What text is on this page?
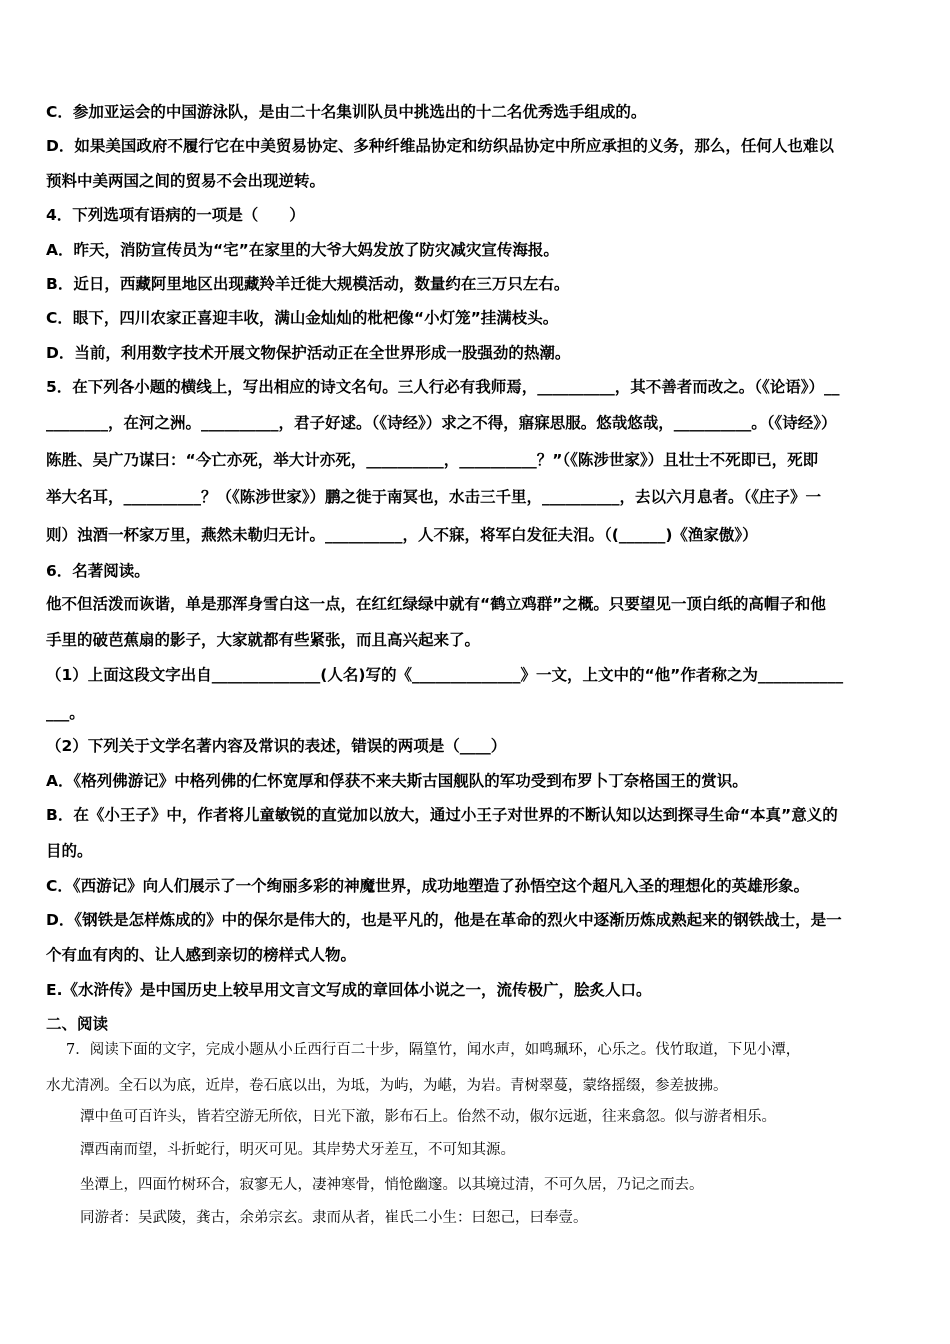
C．参加亚运会的中国游泳队，是由二十名集训队员中挑选出的十二名优秀选手组成的。
D．如果美国政府不履行它在中美贸易协定、多种纤维品协定和纺织品协定中所应承担的义务，那么，任何人也难以
预料中美两国之间的贸易不会出现逆转。
4．下列选项有语病的一项是（　　）
A．昨天，消防宣传员为“宅”在家里的大爷大妈发放了防灾减灾宣传海报。
B．近日，西藏阿里地区出现藏羚羊迁徙大规模活动，数量约在三万只左右。
C．眼下，四川农家正喜迎丰收，满山金灿灿的枇杷像“小灯笼”挂满枝头。
D．当前，利用数字技术开展文物保护活动正在全世界形成一股强劲的热潮。
5．在下列各小题的横线上，写出相应的诗文名句。三人行必有我师焉，__________，其不善者而改之。（《论语》）__
________，在河之洲。__________，君子好逑。（《诗经》）求之不得，寤寐思服。悠哉悠哉，__________。（《诗经》）
陈胜、吴广乃谋曰：“今亡亦死，举大计亦死，__________，__________？”（《陈涉世家》）且壮士不死即已，死即
举大名耳，__________？（《陈涉世家》）鹏之徙于南冥也，水击三千里，__________，去以六月息者。（《庄子》一
则）浊酒一杯家万里，燕然未勒归无计。__________，人不寐，将军白发征夫泪。（(______)《渔家傲》）
6．名著阅读。
他不但活泼而诙谐，单是那浑身雪白这一点，在红红绿绿中就有“鹤立鸡群”之概。只要望见一顶白纸的高帽子和他
手里的破芭蕉扇的影子，大家就都有些紧张，而且高兴起来了。
（1）上面这段文字出自______________(人名)写的《______________》一文，上文中的“他”作者称之为___________
___。
（2）下列关于文学名著内容及常识的表述，错误的两项是（____）
A．《格列佛游记》中格列佛的仁怀宽厚和俘获不来夫斯古国舰队的军功受到布罗卜丁奈格国王的赏识。
B．在《小王子》中，作者将儿童敏锐的直觉加以放大，通过小王子对世界的不断认知以达到探寻生命“本真”意义的
目的。
C．《西游记》向人们展示了一个绚丽多彩的神魔世界，成功地塑造了孙悟空这个超凡入圣的理想化的英雄形象。
D．《钢铁是怎样炼成的》中的保尔是伟大的，也是平凡的，他是在革命的烈火中逐渐历炼成熟起来的钢铁战士，是一
个有血有肉的、让人感到亲切的榜样式人物。
E.《水浒传》是中国历史上较早用文言文写成的章回体小说之一，流传极广，脍炙人口。
二、阅读
7．阅读下面的文字，完成小题从小丘西行百二十步，隔篁竹，闻水声，如鸣珮环，心乐之。伐竹取道，下见小潭，
水尤清冽。全石以为底，近岸，卷石底以出，为坻，为屿，为嵁，为岩。青树翠蔓，蒙络摇缀，参差披拂。
潭中鱼可百许头，皆若空游无所依，日光下澈，影布石上。佁然不动，俶尔远逝，往来翕忽。似与游者相乐。
潭西南而望，斗折蛇行，明灭可见。其岸势犬牙差互，不可知其源。
坐潭上，四面竹树环合，寂寥无人，凄神寒骨，悄怆幽邃。以其境过清，不可久居，乃记之而去。
同游者：吴武陵，龚古，余弟宗玄。隶而从者，崔氏二小生：曰恕己，曰奉壹。
